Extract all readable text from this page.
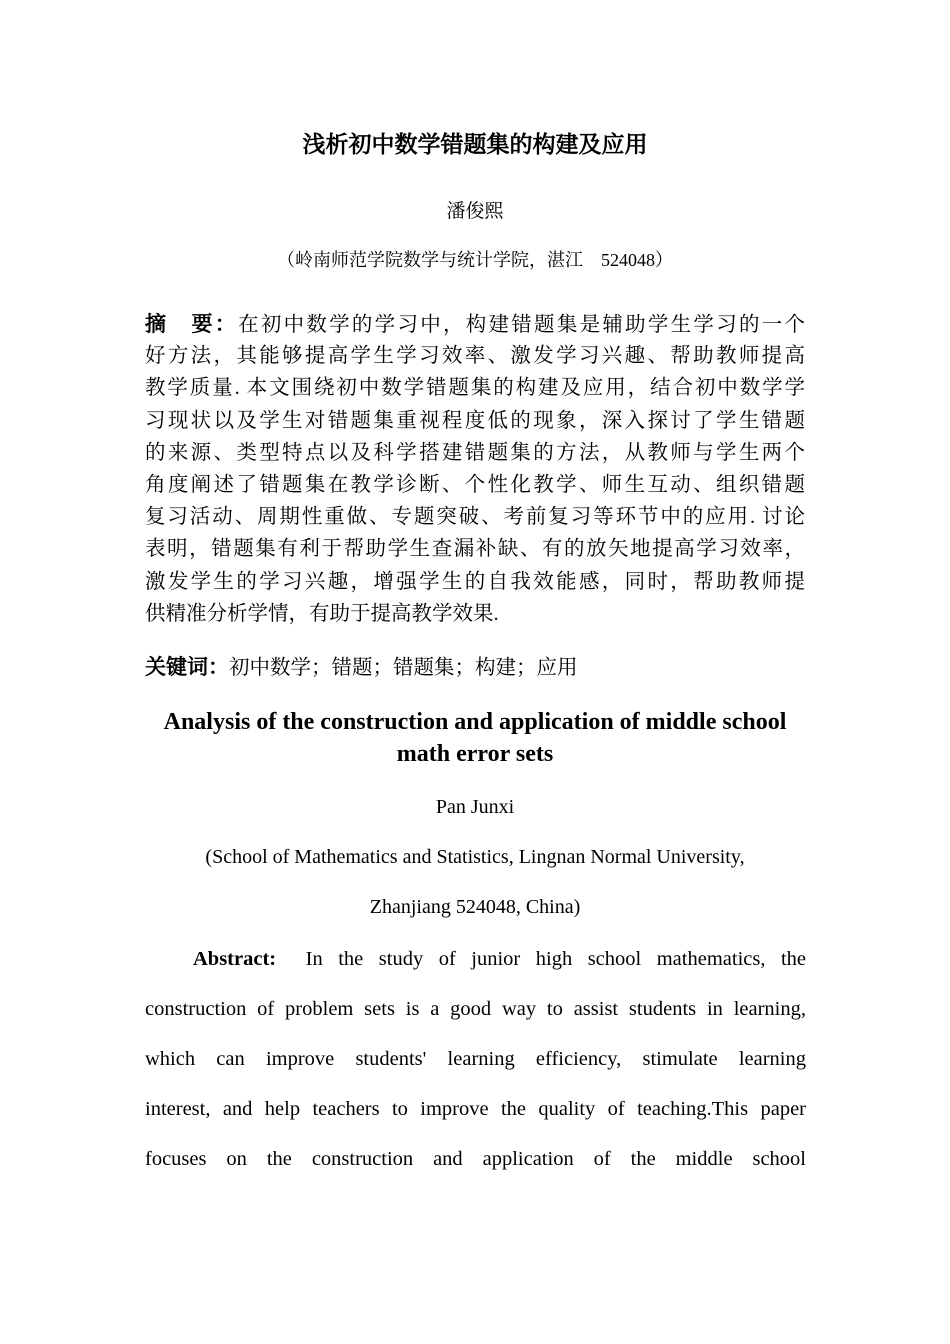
浅析初中数学错题集的构建及应用
潘俊熙
（岭南师范学院数学与统计学院，湛江　524048）
摘　要：在初中数学的学习中，构建错题集是辅助学生学习的一个
好方法，其能够提高学生学习效率、激发学习兴趣、帮助教师提高
教学质量. 本文围绕初中数学错题集的构建及应用，结合初中数学学
习现状以及学生对错题集重视程度低的现象，深入探讨了学生错题
的来源、类型特点以及科学搭建错题集的方法，从教师与学生两个
角度阐述了错题集在教学诊断、个性化教学、师生互动、组织错题
复习活动、周期性重做、专题突破、考前复习等环节中的应用. 讨论
表明，错题集有利于帮助学生查漏补缺、有的放矢地提高学习效率，
激发学生的学习兴趣，增强学生的自我效能感，同时，帮助教师提
供精准分析学情，有助于提高教学效果.
关键词：初中数学；错题；错题集；构建；应用
Analysis of the construction and application of middle school math error sets
Pan Junxi
(School of Mathematics and Statistics, Lingnan Normal University,
Zhanjiang 524048, China)
Abstract: In the study of junior high school mathematics, the
construction of problem sets is a good way to assist students in learning,
which can improve students' learning efficiency, stimulate learning
interest, and help teachers to improve the quality of teaching.This paper
focuses on the construction and application of the middle school
